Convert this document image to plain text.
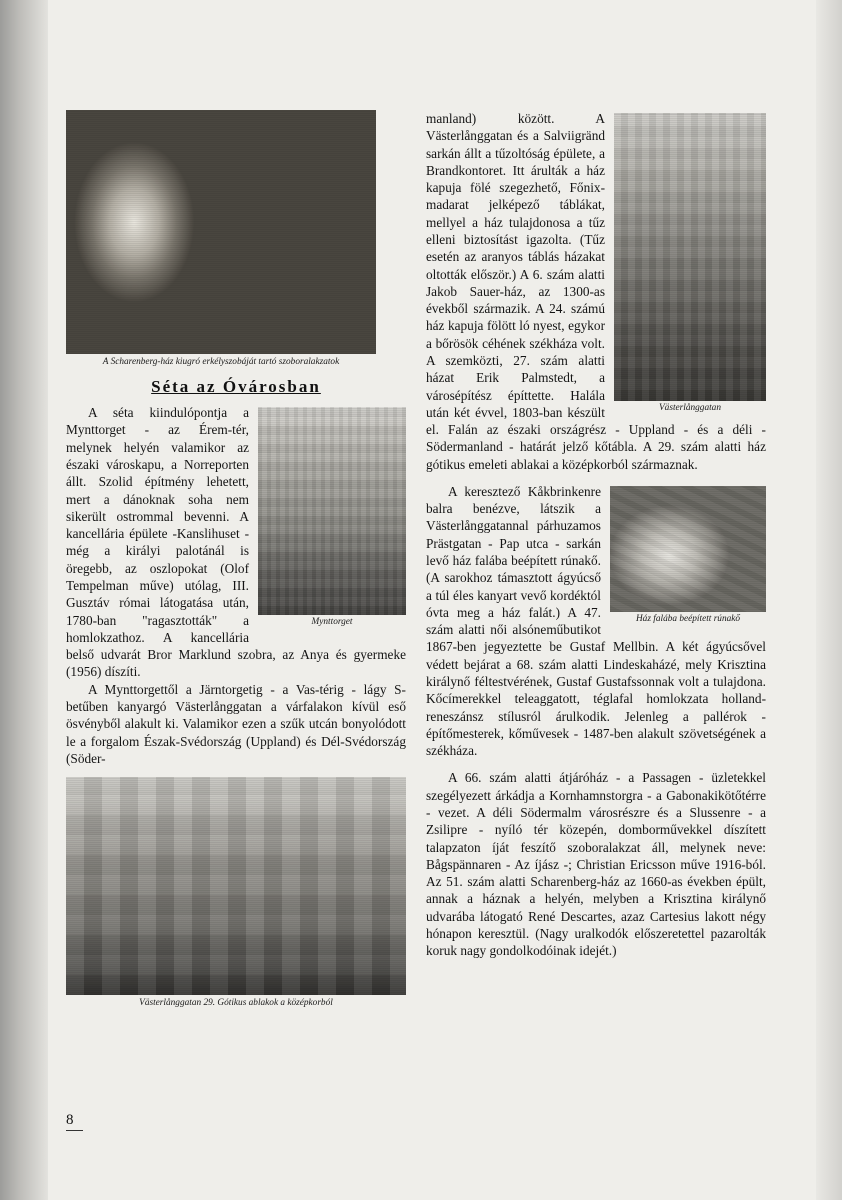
A Scharenberg-ház kiugró erkélyszobáját tartó szoboralakzatok
Séta az Óvárosban
Mynttorget

A séta kiindulópontja a Mynttorget - az Érem-tér, melynek helyén valamikor az északi városkapu, a Norreporten állt. Szolid építmény lehetett, mert a dánoknak soha nem sikerült ostrommal bevenni. A kancellária épülete -Kanslihuset - még a királyi palotánál is öregebb, az oszlopokat (Olof Tempelman műve) utólag, III. Gusztáv római látogatása után, 1780-ban "ragasztották" a homlokzathoz. A kancellária belső udvarát Bror Marklund szobra, az Anya és gyermeke (1956) díszíti.

A Mynttorgettől a Järntorgetig - a Vas-térig - lágy S-betűben kanyargó Västerlånggatan a várfalakon kívül eső ösvényből alakult ki. Valamikor ezen a szűk utcán bonyolódott le a forgalom Észak-Svédország (Uppland) és Dél-Svédország (Söder-

Västerlånggatan 29. Gótikus ablakok a középkorból
Västerlånggatan

manland) között. A Västerlånggatan és a Salviigränd sarkán állt a tűzoltóság épülete, a Brandkontoret. Itt árulták a ház kapuja fölé szegezhető, Főnix-madarat jelképező táblákat, mellyel a ház tulajdonosa a tűz elleni biztosítást igazolta. (Tűz esetén az aranyos táblás házakat oltották először.) A 6. szám alatti Jakob Sauer-ház, az 1300-as évekből származik. A 24. számú ház kapuja fölött ló nyest, egykor a bőrösök céhének székháza volt. A szemközti, 27. szám alatti házat Erik Palmstedt, a városépítész építtette. Halála után két évvel, 1803-ban készült el. Falán az északi országrész - Uppland - és a déli - Södermanland - határát jelző kőtábla. A 29. szám alatti ház gótikus emeleti ablakai a középkorból származnak.

Ház falába beépített rúnakő

A keresztező Kåkbrinkenre balra benézve, látszik a Västerlånggatannal párhuzamos Prästgatan - Pap utca - sarkán levő ház falába beépített rúnakő. (A sarokhoz támasztott ágyúcső a túl éles kanyart vevő kordéktól óvta meg a ház falát.) A 47. szám alatti női alsóneműbutikot 1867-ben jegyeztette be Gustaf Mellbin. A két ágyúcsővel védett bejárat a 68. szám alatti Lindeskaházé, mely Krisztina királynő féltestvérének, Gustaf Gustafssonnak volt a tulajdona. Kőcímerekkel teleaggatott, téglafal homlokzata holland-reneszánsz stílusról árulkodik. Jelenleg a pallérok - építőmesterek, kőművesek - 1487-ben alakult szövetségének a székháza.

A 66. szám alatti átjáróház - a Passagen - üzletekkel szegélyezett árkádja a Kornhamnstorgra - a Gabonakikötőtérre - vezet. A déli Södermalm városrészre és a Slussenre - a Zsilipre - nyíló tér közepén, domborművekkel díszített talapzaton íját feszítő szoboralakzat áll, melynek neve: Bågspännaren - Az íjász -; Christian Ericsson műve 1916-ból. Az 51. szám alatti Scharenberg-ház az 1660-as években épült, annak a háznak a helyén, melyben a Krisztina királynő udvarába látogató René Descartes, azaz Cartesius lakott négy hónapon keresztül. (Nagy uralkodók előszeretettel pazarolták koruk nagy gondolkodóinak idejét.)

8
